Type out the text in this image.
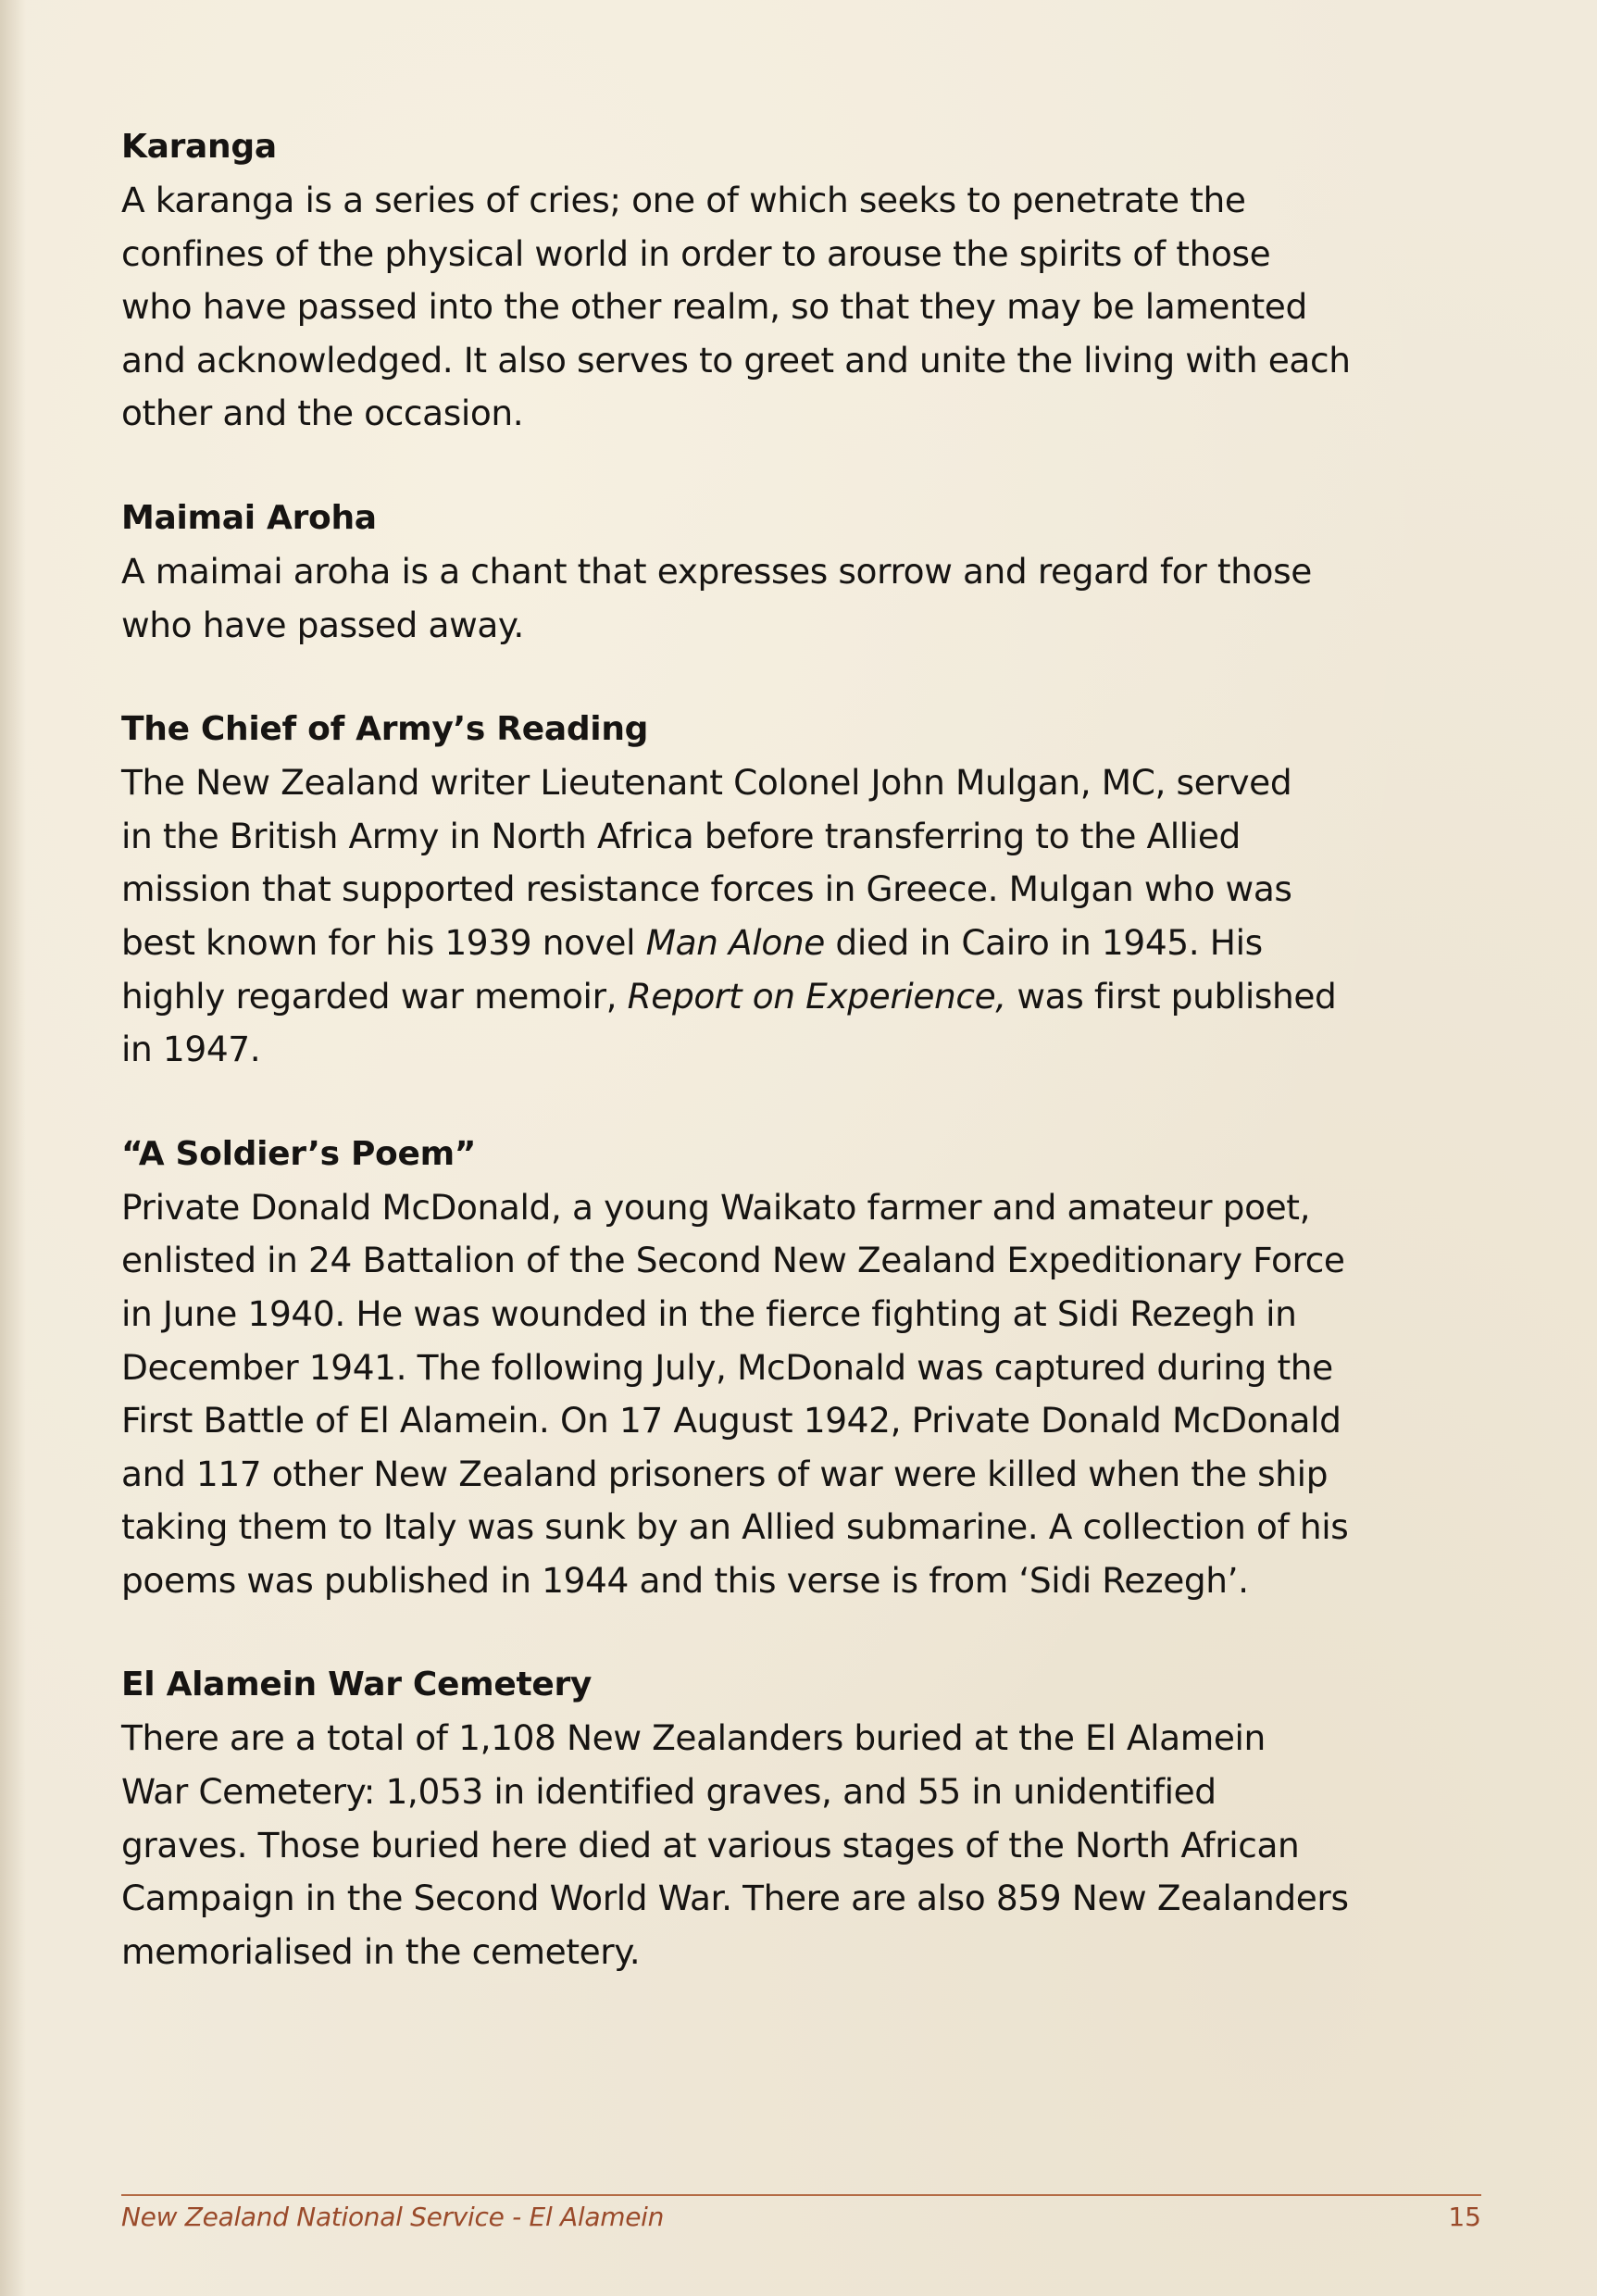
Karanga

A karanga is a series of cries; one of which seeks to penetrate the
confines of the physical world in order to arouse the spirits of those
who have passed into the other realm, so that they may be lamented
and acknowledged. It also serves to greet and unite the living with each
other and the occasion.

Maimai Aroha

A maimai aroha is a chant that expresses sorrow and regard for those
who have passed away.

The Chief of Army’s Reading

The New Zealand writer Lieutenant Colonel John Mulgan, MC, served
in the British Army in North Africa before transferring to the Allied
mission that supported resistance forces in Greece. Mulgan who was
best known for his 1939 novel Man Alone died in Cairo in 1945. His
highly regarded war memoir, Report on Experience, was first published
in 1947.

“A Soldier’s Poem”

Private Donald McDonald, a young Waikato farmer and amateur poet,
enlisted in 24 Battalion of the Second New Zealand Expeditionary Force
in June 1940. He was wounded in the fierce fighting at Sidi Rezegh in
December 1941. The following July, McDonald was captured during the
First Battle of El Alamein. On 17 August 1942, Private Donald McDonald
and 117 other New Zealand prisoners of war were killed when the ship
taking them to Italy was sunk by an Allied submarine. A collection of his
poems was published in 1944 and this verse is from ‘Sidi Rezegh’.

El Alamein War Cemetery

There are a total of 1,108 New Zealanders buried at the El Alamein
War Cemetery: 1,053 in identified graves, and 55 in unidentified
graves. Those buried here died at various stages of the North African
Campaign in the Second World War. There are also 859 New Zealanders
memorialised in the cemetery.

New Zealand National Service - El Alamein	15
